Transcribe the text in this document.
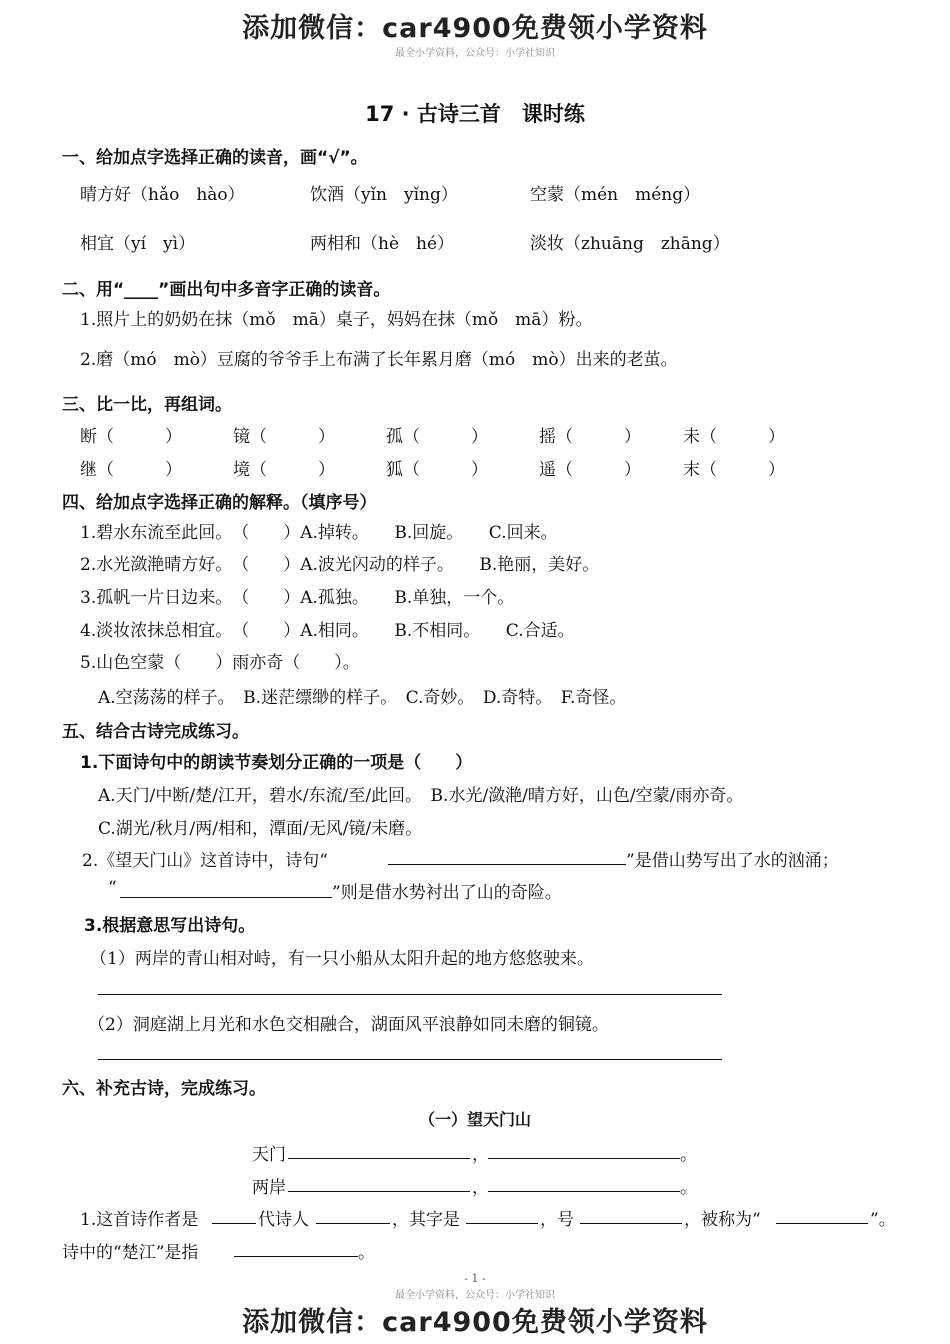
添加微信：car4900免费领小学资料
最全小学资料，公众号：小学社知识
17 · 古诗三首　课时练
一、给加点字选择正确的读音，画“√”。
晴方好（hǎo　hào）	饮酒（yǐn　yǐng）	空蒙（mén　méng）
相宜（yí　yì）	两相和（hè　hé）	淡妆（zhuāng　zhāng）
二、用“____”画出句中多音字正确的读音。
1.照片上的奶奶在抹（mǒ　mā）桌子，妈妈在抹（mǒ　mā）粉。
2.磨（mó　mò）豆腐的爷爷手上布满了长年累月磨（mó　mò）出来的老茧。
三、比一比，再组词。
断（　　　）	镜（　　　）	孤（　　　）	摇（　　　） 未（　　　）
继（　　　）	境（　　　）	狐（　　　）	遥（　　　） 末（　　　）
四、给加点字选择正确的解释。（填序号）
1.碧水东流至此回。　（　　）A.掉转。　　B.回旋。　　C.回来。
2.水光潋滟晴方好。　（　　）A.波光闪动的样子。　　B.艳丽，美好。
3.孤帆一片日边来。　（　　）A.孤独。　　B.单独，一个。
4.淡妆浓抹总相宜。　（　　）A.相同。　　B.不相同。　　C.合适。
5.山色空蒙（　　）雨亦奇（　　）。
A.空荡荡的样子。　B.迷茫缥缈的样子。　C.奇妙。　D.奇特。　F.奇怪。
五、结合古诗完成练习。
1.下面诗句中的朗读节奏划分正确的一项是（　　）
A.天门/中断/楚/江开，碧水/东流/至/此回。　B.水光/潋滟/晴方好，山色/空蒙/雨亦奇。
C.湖光/秋月/两/相和，潭面/无风/镜/未磨。
2.《望天门山》这首诗中，诗句“	”是借山势写出了水的汹涌；
“	”则是借水势衬出了山的奇险。
3.根据意思写出诗句。
（1）两岸的青山相对峙，有一只小船从太阳升起的地方悠悠驶来。
（2）洞庭湖上月光和水色交相融合，湖面风平浪静如同未磨的铜镜。
六、补充古诗，完成练习。
（一）望天门山
天门	，	。
两岸	，	。
1.这首诗作者是	代诗人	，其字是	，号	，被称为“	”。
诗中的“楚江”是指	。
- 1 -
最全小学资料，公众号：小学社知识
添加微信：car4900免费领小学资料
